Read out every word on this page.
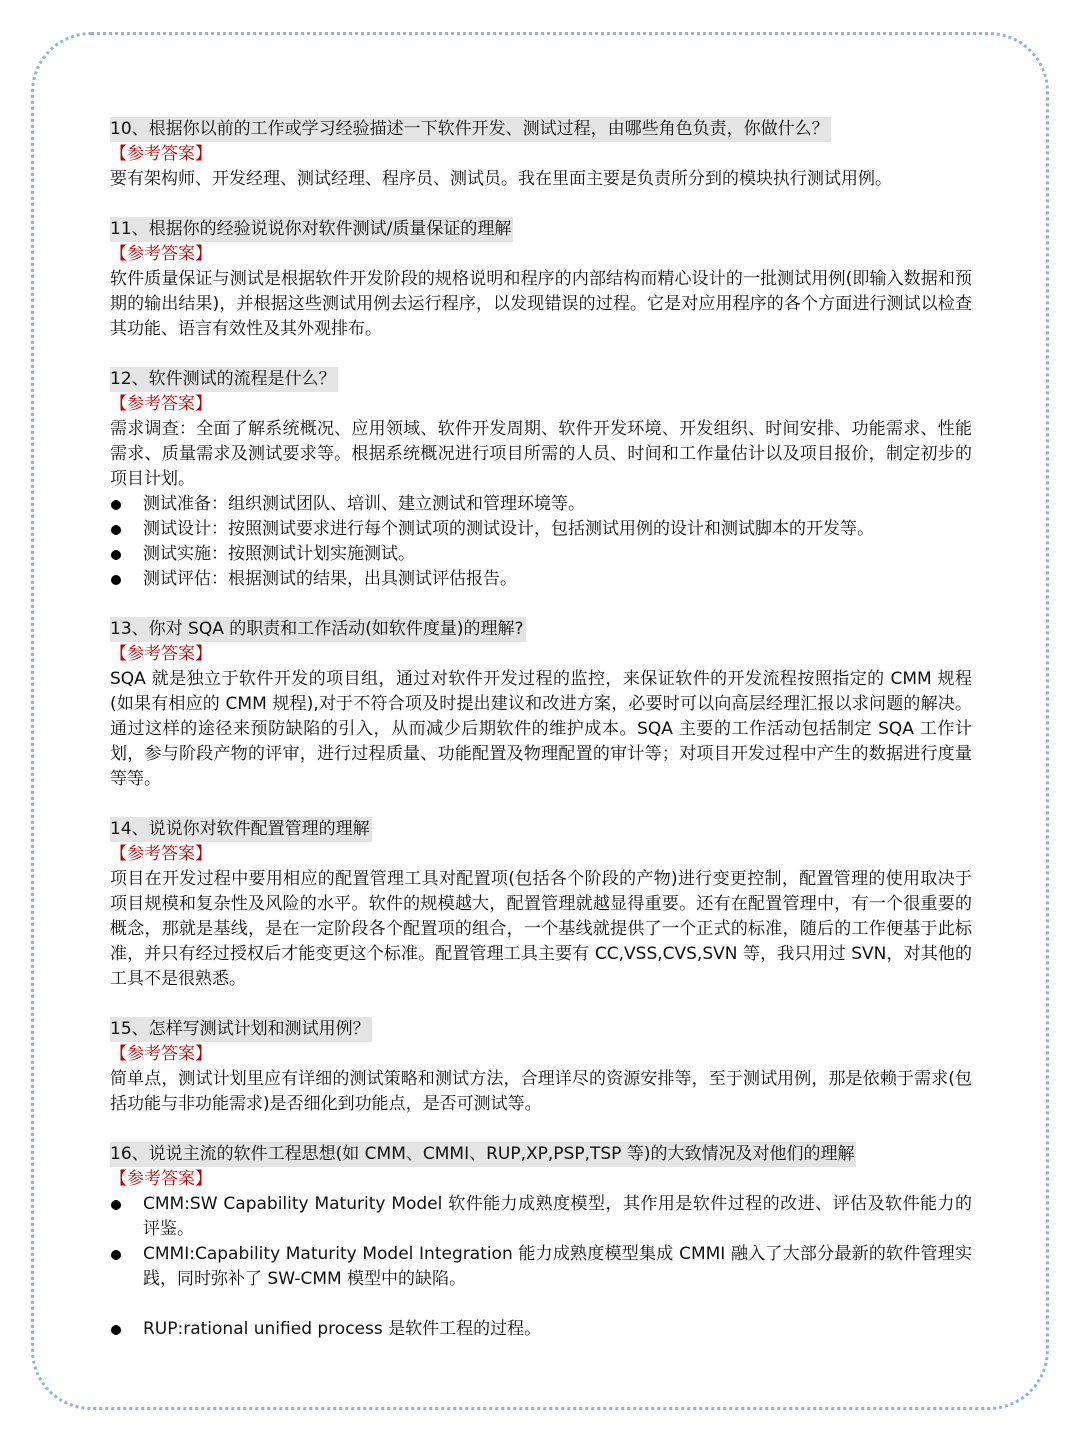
10、根据你以前的工作或学习经验描述一下软件开发、测试过程，由哪些角色负责，你做什么？
【参考答案】

要有架构师、开发经理、测试经理、程序员、测试员。我在里面主要是负责所分到的模块执行测试用例。

11、根据你的经验说说你对软件测试/质量保证的理解
【参考答案】

软件质量保证与测试是根据软件开发阶段的规格说明和程序的内部结构而精心设计的一批测试用例(即输入数据和预期的输出结果)，并根据这些测试用例去运行程序，以发现错误的过程。它是对应用程序的各个方面进行测试以检查其功能、语言有效性及其外观排布。

12、软件测试的流程是什么？
【参考答案】

需求调查：全面了解系统概况、应用领域、软件开发周期、软件开发环境、开发组织、时间安排、功能需求、性能需求、质量需求及测试要求等。根据系统概况进行项目所需的人员、时间和工作量估计以及项目报价，制定初步的项目计划。

测试准备：组织测试团队、培训、建立测试和管理环境等。
测试设计：按照测试要求进行每个测试项的测试设计，包括测试用例的设计和测试脚本的开发等。
测试实施：按照测试计划实施测试。
测试评估：根据测试的结果，出具测试评估报告。
13、你对 SQA 的职责和工作活动(如软件度量)的理解?
【参考答案】

SQA 就是独立于软件开发的项目组，通过对软件开发过程的监控，来保证软件的开发流程按照指定的 CMM 规程(如果有相应的 CMM 规程),对于不符合项及时提出建议和改进方案，必要时可以向高层经理汇报以求问题的解决。通过这样的途径来预防缺陷的引入，从而减少后期软件的维护成本。SQA 主要的工作活动包括制定 SQA 工作计划，参与阶段产物的评审，进行过程质量、功能配置及物理配置的审计等；对项目开发过程中产生的数据进行度量等等。

14、说说你对软件配置管理的理解
【参考答案】

项目在开发过程中要用相应的配置管理工具对配置项(包括各个阶段的产物)进行变更控制，配置管理的使用取决于项目规模和复杂性及风险的水平。软件的规模越大，配置管理就越显得重要。还有在配置管理中，有一个很重要的概念，那就是基线，是在一定阶段各个配置项的组合，一个基线就提供了一个正式的标准，随后的工作便基于此标准，并只有经过授权后才能变更这个标准。配置管理工具主要有 CC,VSS,CVS,SVN 等，我只用过 SVN，对其他的工具不是很熟悉。

15、怎样写测试计划和测试用例？
【参考答案】

简单点，测试计划里应有详细的测试策略和测试方法，合理详尽的资源安排等，至于测试用例，那是依赖于需求(包括功能与非功能需求)是否细化到功能点，是否可测试等。

16、说说主流的软件工程思想(如 CMM、CMMI、RUP,XP,PSP,TSP 等)的大致情况及对他们的理解
【参考答案】
CMM:SW Capability Maturity Model 软件能力成熟度模型，其作用是软件过程的改进、评估及软件能力的评鉴。
CMMI:Capability Maturity Model Integration 能力成熟度模型集成 CMMI 融入了大部分最新的软件管理实践，同时弥补了 SW-CMM 模型中的缺陷。
RUP:rational unified process 是软件工程的过程。
